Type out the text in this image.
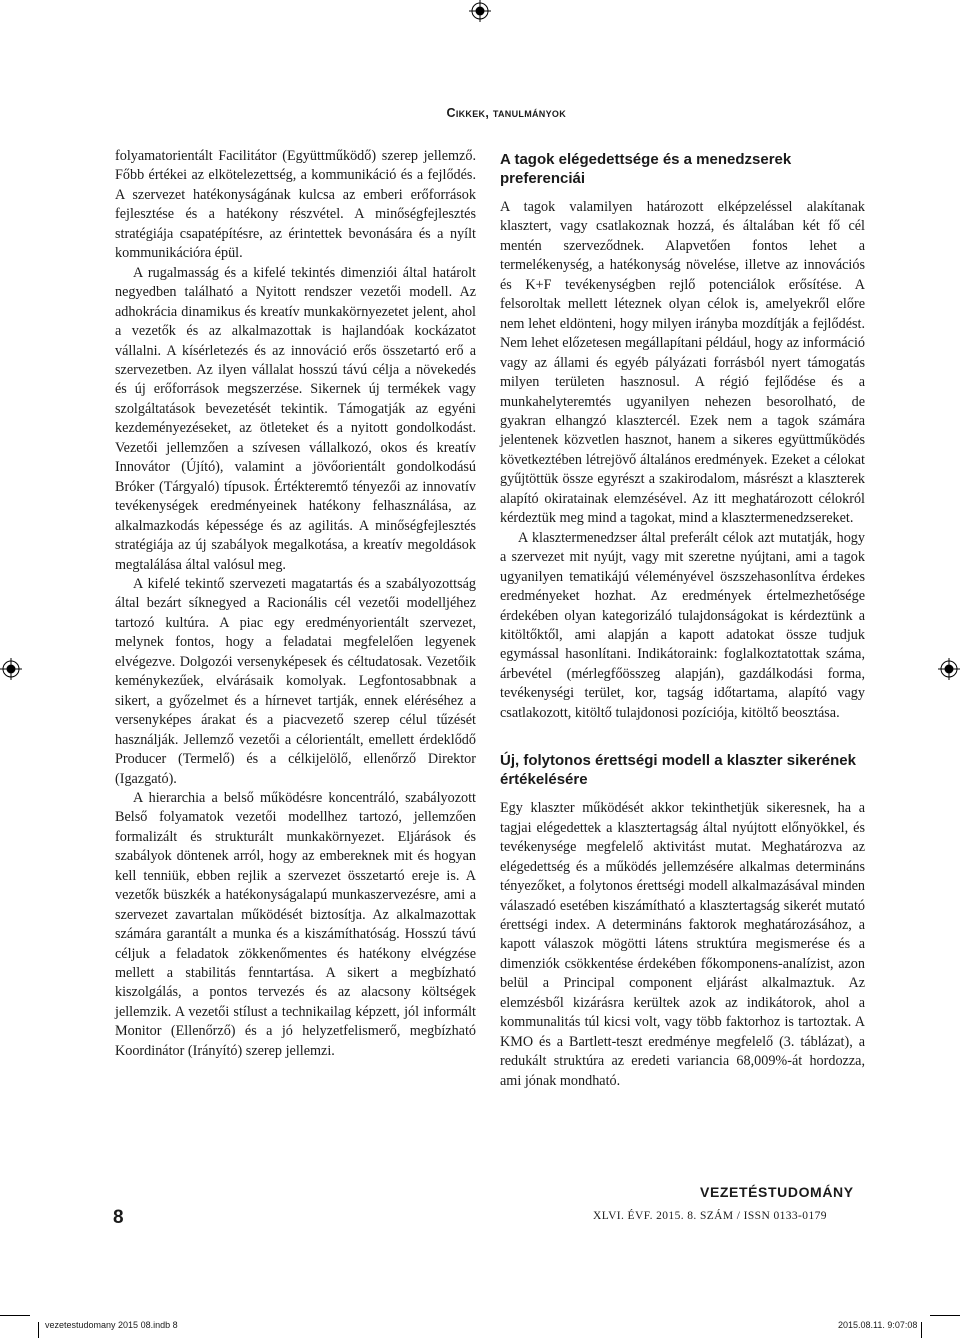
Cikkek, tanulmányok

folyamatorientált Facilitátor (Együttműködő) szerep jellemző. Főbb értékei az elkötelezettség, a kommunikáció és a fejlődés. A szervezet hatékonyságának kulcsa az emberi erőforrások fejlesztése és a hatékony részvétel. A minőségfejlesztés stratégiája csapatépítésre, az érintettek bevonására és a nyílt kommunikációra épül.

A rugalmasság és a kifelé tekintés dimenziói által határolt negyedben található a Nyitott rendszer vezetői modell. Az adhokrácia dinamikus és kreatív munkakörnyezetet jelent, ahol a vezetők és az alkalmazottak is hajlandóak kockázatot vállalni. A kísérletezés és az innováció erős összetartó erő a szervezetben. Az ilyen vállalat hosszú távú célja a növekedés és új erőforrások megszerzése. Sikernek új termékek vagy szolgáltatások bevezetését tekintik. Támogatják az egyéni kezdeményezéseket, az ötleteket és a nyitott gondolkodást. Vezetői jellemzően a szívesen vállalkozó, okos és kreatív Innovátor (Újító), valamint a jövőorientált gondolkodású Bróker (Tárgyaló) típusok. Értékteremtő tényezői az innovatív tevékenységek eredményeinek hatékony felhasználása, az alkalmazkodás képessége és az agilitás. A minőségfejlesztés stratégiája az új szabályok megalkotása, a kreatív megoldások megtalálása által valósul meg.

A kifelé tekintő szervezeti magatartás és a szabályozottság által bezárt síknegyed a Racionális cél vezetői modelljéhez tartozó kultúra. A piac egy eredményorientált szervezet, melynek fontos, hogy a feladatai megfelelően legyenek elvégezve. Dolgozói versenyképesek és céltudatosak. Vezetőik keménykezűek, elvárásaik komolyak. Legfontosabbnak a sikert, a győzelmet és a hírnevet tartják, ennek eléréséhez a versenyképes árakat és a piacvezető szerep célul tűzését használják. Jellemző vezetői a célorientált, emellett érdeklődő Producer (Termelő) és a célkijelölő, ellenőrző Direktor (Igazgató).

A hierarchia a belső működésre koncentráló, szabályozott Belső folyamatok vezetői modellhez tartozó, jellemzően formalizált és strukturált munkakörnyezet. Eljárások és szabályok döntenek arról, hogy az embereknek mit és hogyan kell tenniük, ebben rejlik a szervezet összetartó ereje is. A vezetők büszkék a hatékonyságalapú munkaszervezésre, ami a szervezet zavartalan működését biztosítja. Az alkalmazottak számára garantált a munka és a kiszámíthatóság. Hosszú távú céljuk a feladatok zökkenőmentes és hatékony elvégzése mellett a stabilitás fenntartása. A sikert a megbízható kiszolgálás, a pontos tervezés és az alacsony költségek jellemzik. A vezetői stílust a technikailag képzett, jól informált Monitor (Ellenőrző) és a jó helyzetfelismerő, megbízható Koordinátor (Irányító) szerep jellemzi.

A tagok elégedettsége és a menedzserek preferenciái

A tagok valamilyen határozott elképzeléssel alakítanak klasztert, vagy csatlakoznak hozzá, és általában két fő cél mentén szerveződnek. Alapvetően fontos lehet a termelékenység, a hatékonyság növelése, illetve az innovációs és K+F tevékenységben rejlő potenciálok erősítése. A felsoroltak mellett léteznek olyan célok is, amelyekről előre nem lehet eldönteni, hogy milyen irányba mozdítják a fejlődést. Nem lehet előzetesen megállapítani például, hogy az információ vagy az állami és egyéb pályázati forrásból nyert támogatás milyen területen hasznosul. A régió fejlődése és a munkahelyteremtés ugyanilyen nehezen besorolható, de gyakran elhangzó klasztercél. Ezek nem a tagok számára jelentenek közvetlen hasznot, hanem a sikeres együttműködés következtében létrejövő általános eredmények. Ezeket a célokat gyűjtöttük össze egyrészt a szakirodalom, másrészt a klaszterek alapító okiratainak elemzésével. Az itt meghatározott célokról kérdeztük meg mind a tagokat, mind a klasztermenedzsereket.

A klasztermenedzser által preferált célok azt mutatják, hogy a szervezet mit nyújt, vagy mit szeretne nyújtani, ami a tagok ugyanilyen tematikájú véleményével öszszehasonlítva érdekes eredményeket hozhat. Az eredmények értelmezhetősége érdekében olyan kategorizáló tulajdonságokat is kérdeztünk a kitöltőktől, ami alapján a kapott adatokat össze tudjuk egymással hasonlítani. Indikátoraink: foglalkoztatottak száma, árbevétel (mérlegfőösszeg alapján), gazdálkodási forma, tevékenységi terület, kor, tagság időtartama, alapító vagy csatlakozott, kitöltő tulajdonosi pozíciója, kitöltő beosztása.

Új, folytonos érettségi modell a klaszter sikerének értékelésére

Egy klaszter működését akkor tekinthetjük sikeresnek, ha a tagjai elégedettek a klasztertagság által nyújtott előnyökkel, és tevékenysége megfelelő aktivitást mutat. Meghatározva az elégedettség és a működés jellemzésére alkalmas determináns tényezőket, a folytonos érettségi modell alkalmazásával minden válaszadó esetében kiszámítható a klasztertagság sikerét mutató érettségi index. A determináns faktorok meghatározásához, a kapott válaszok mögötti látens struktúra megismerése és a dimenziók csökkentése érdekében főkomponens-analízist, azon belül a Principal component eljárást alkalmaztuk. Az elemzésből kizárásra kerültek azok az indikátorok, ahol a kommunalitás túl kicsi volt, vagy több faktorhoz is tartoztak. A KMO és a Bartlett-teszt eredménye megfelelő (3. táblázat), a redukált struktúra az eredeti variancia 68,009%-át hordozza, ami jónak mondható.

VEZETÉSTUDOMÁNY
XLVI. ÉVF. 2015. 8. SZÁM / ISSN 0133-0179
8
vezetestudomany 2015 08.indb 8	2015.08.11. 9:07:08
